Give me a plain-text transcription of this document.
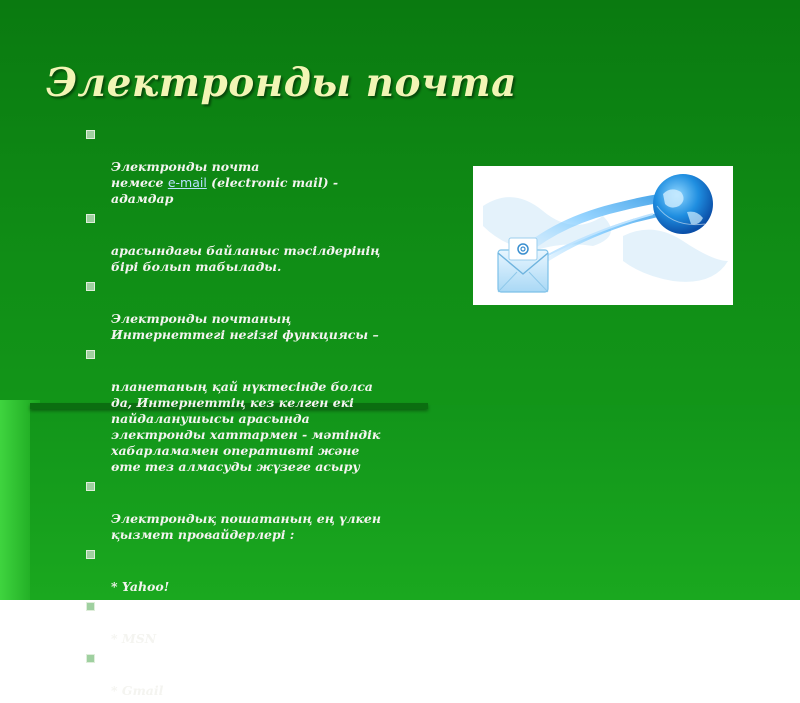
Электронды почта

Электронды почта
немесе e-mail (electronic mail) -
адамдар

арасындағы байланыс тәсілдерінің
бірі болып табылады.

Электронды почтаның
Интернеттегі негізгі функциясы –

планетаның қай нүктесінде болса
да, Интернеттің кез келген екі
пайдаланушысы арасында
электронды хаттармен - мәтіндік
хабарламамен оперативті және
өте тез алмасуды жүзеге асыру

Электрондық пошатаның ең үлкен
қызмет провайдерлері :

* Yahoo!

* MSN

* Gmail
